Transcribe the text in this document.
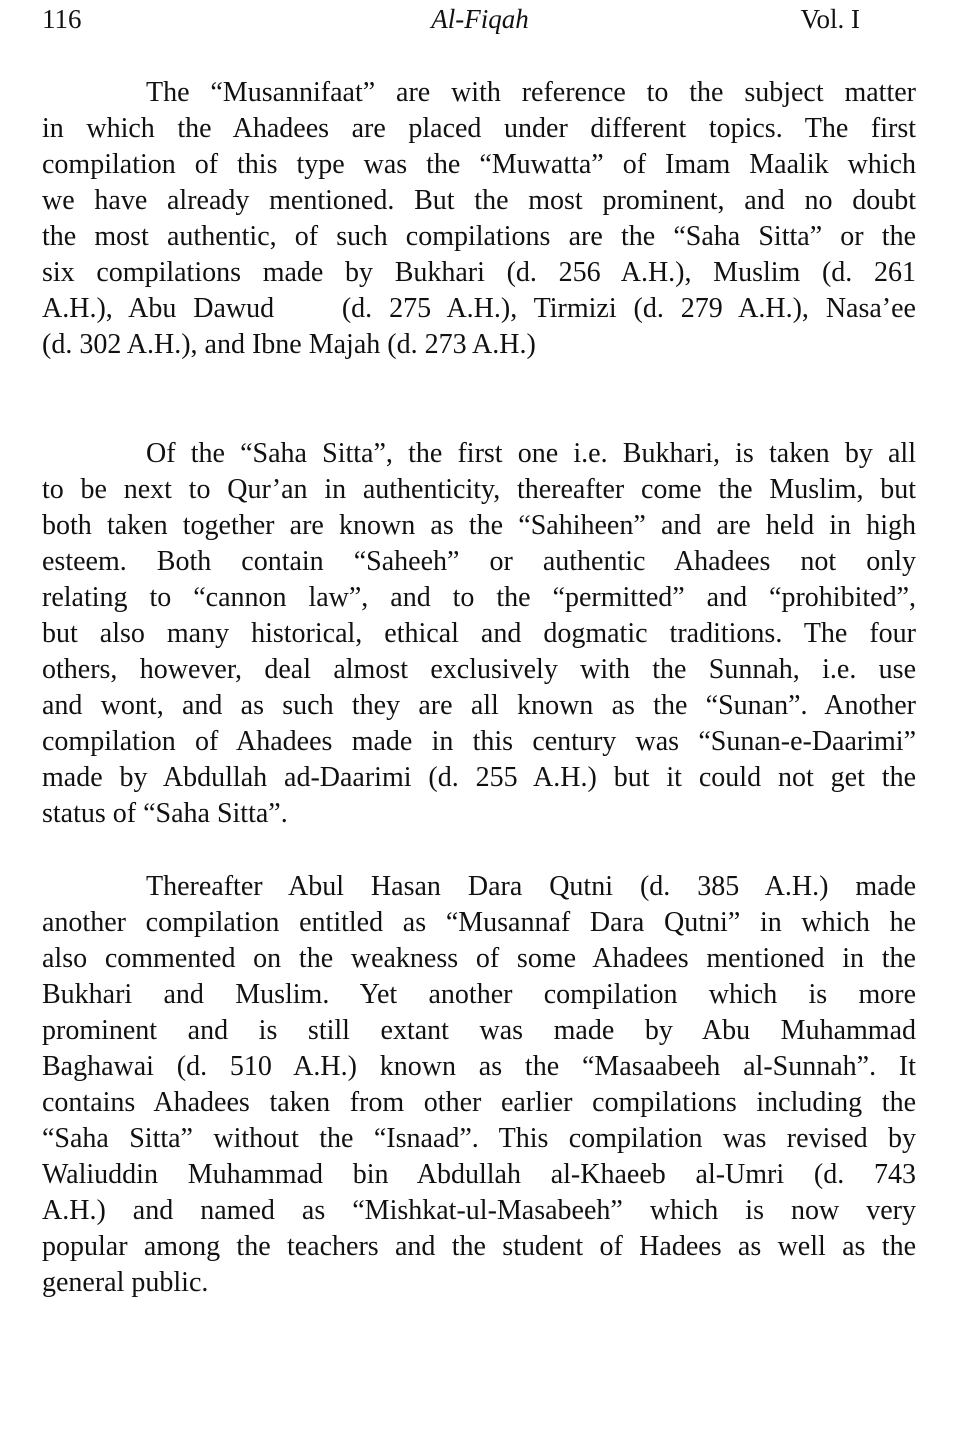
116	Al-Fiqah	Vol. I
The “Musannifaat” are with reference to the subject matter
in which the Ahadees are placed under different topics. The first
compilation of this type was the “Muwatta” of Imam Maalik which
we have already mentioned. But the most prominent, and no doubt
the most authentic, of such compilations are the “Saha Sitta” or the
six compilations made by Bukhari (d. 256 A.H.), Muslim (d. 261
A.H.), Abu Dawud    (d. 275 A.H.), Tirmizi (d. 279 A.H.), Nasa’ee
(d. 302 A.H.), and Ibne Majah (d. 273 A.H.)
Of the “Saha Sitta”, the first one i.e. Bukhari, is taken by all
to be next to Qur’an in authenticity, thereafter come the Muslim, but
both taken together are known as the “Sahiheen” and are held in high
esteem. Both contain “Saheeh” or authentic Ahadees not only
relating to “cannon law”, and to the “permitted” and “prohibited”,
but also many historical, ethical and dogmatic traditions. The four
others, however, deal almost exclusively with the Sunnah, i.e. use
and wont, and as such they are all known as the “Sunan”. Another
compilation of Ahadees made in this century was “Sunan-e-Daarimi”
made by Abdullah ad-Daarimi (d. 255 A.H.) but it could not get the
status of “Saha Sitta”.
Thereafter Abul Hasan Dara Qutni (d. 385 A.H.) made
another compilation entitled as “Musannaf Dara Qutni” in which he
also commented on the weakness of some Ahadees mentioned in the
Bukhari and Muslim. Yet another compilation which is more
prominent and is still extant was made by Abu Muhammad
Baghawai (d. 510 A.H.) known as the “Masaabeeh al-Sunnah”. It
contains Ahadees taken from other earlier compilations including the
“Saha Sitta” without the “Isnaad”. This compilation was revised by
Waliuddin Muhammad bin Abdullah al-Khaeeb al-Umri (d. 743
A.H.) and named as “Mishkat-ul-Masabeeh” which is now very
popular among the teachers and the student of Hadees as well as the
general public.
